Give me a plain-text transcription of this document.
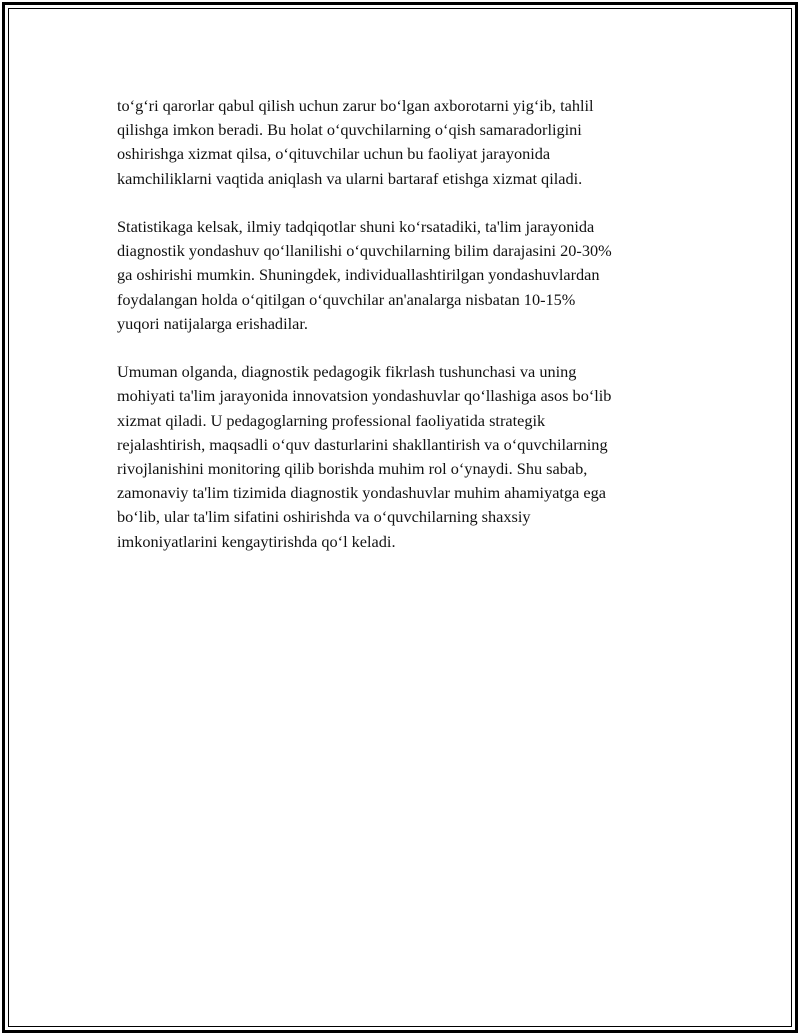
to‘g‘ri qarorlar qabul qilish uchun zarur bo‘lgan axborotarni yig‘ib, tahlil
qilishga imkon beradi. Bu holat o‘quvchilarning o‘qish samaradorligini
oshirishga xizmat qilsa, o‘qituvchilar uchun bu faoliyat jarayonida
kamchiliklarni vaqtida aniqlash va ularni bartaraf etishga xizmat qiladi.

Statistikaga kelsak, ilmiy tadqiqotlar shuni ko‘rsatadiki, ta'lim jarayonida
diagnostik yondashuv qo‘llanilishi o‘quvchilarning bilim darajasini 20-30%
ga oshirishi mumkin. Shuningdek, individuallashtirilgan yondashuvlardan
foydalangan holda o‘qitilgan o‘quvchilar an'analarga nisbatan 10-15%
yuqori natijalarga erishadilar.

Umuman olganda, diagnostik pedagogik fikrlash tushunchasi va uning
mohiyati ta'lim jarayonida innovatsion yondashuvlar qo‘llashiga asos bo‘lib
xizmat qiladi. U pedagoglarning professional faoliyatida strategik
rejalashtirish, maqsadli o‘quv dasturlarini shakllantirish va o‘quvchilarning
rivojlanishini monitoring qilib borishda muhim rol o‘ynaydi. Shu sabab,
zamonaviy ta'lim tizimida diagnostik yondashuvlar muhim ahamiyatga ega
bo‘lib, ular ta'lim sifatini oshirishda va o‘quvchilarning shaxsiy
imkoniyatlarini kengaytirishda qo‘l keladi.
